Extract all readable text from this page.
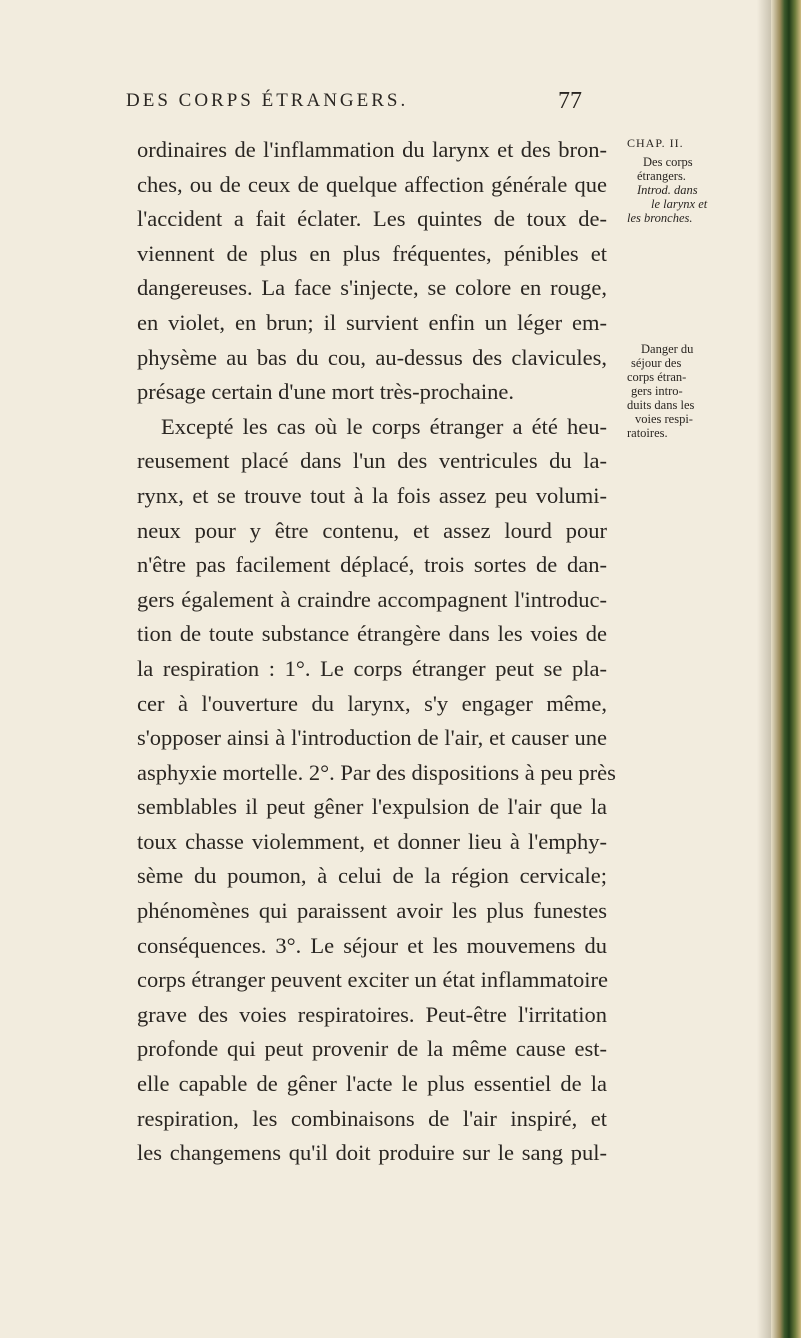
DES CORPS ÉTRANGERS.	77
ordinaires de l'inflammation du larynx et des bron-
ches, ou de ceux de quelque affection générale que
l'accident a fait éclater. Les quintes de toux de-
viennent de plus en plus fréquentes, pénibles et
dangereuses. La face s'injecte, se colore en rouge,
en violet, en brun; il survient enfin un léger em-
physème au bas du cou, au-dessus des clavicules,
présage certain d'une mort très-prochaine.
Excepté les cas où le corps étranger a été heu-
reusement placé dans l'un des ventricules du la-
rynx, et se trouve tout à la fois assez peu volumi-
neux pour y être contenu, et assez lourd pour
n'être pas facilement déplacé, trois sortes de dan-
gers également à craindre accompagnent l'introduc-
tion de toute substance étrangère dans les voies de
la respiration : 1°. Le corps étranger peut se pla-
cer à l'ouverture du larynx, s'y engager même,
s'opposer ainsi à l'introduction de l'air, et causer une
asphyxie mortelle. 2°. Par des dispositions à peu près
semblables il peut gêner l'expulsion de l'air que la
toux chasse violemment, et donner lieu à l'emphy-
sème du poumon, à celui de la région cervicale;
phénomènes qui paraissent avoir les plus funestes
conséquences. 3°. Le séjour et les mouvemens du
corps étranger peuvent exciter un état inflammatoire
grave des voies respiratoires. Peut-être l'irritation
profonde qui peut provenir de la même cause est-
elle capable de gêner l'acte le plus essentiel de la
respiration, les combinaisons de l'air inspiré, et
les changemens qu'il doit produire sur le sang pul-
CHAP. II.
Des corps
étrangers.
Introd. dans
le larynx et
les bronches.
Danger du
séjour des
corps étran-
gers intro-
duits dans les
voies respi-
ratoires.
